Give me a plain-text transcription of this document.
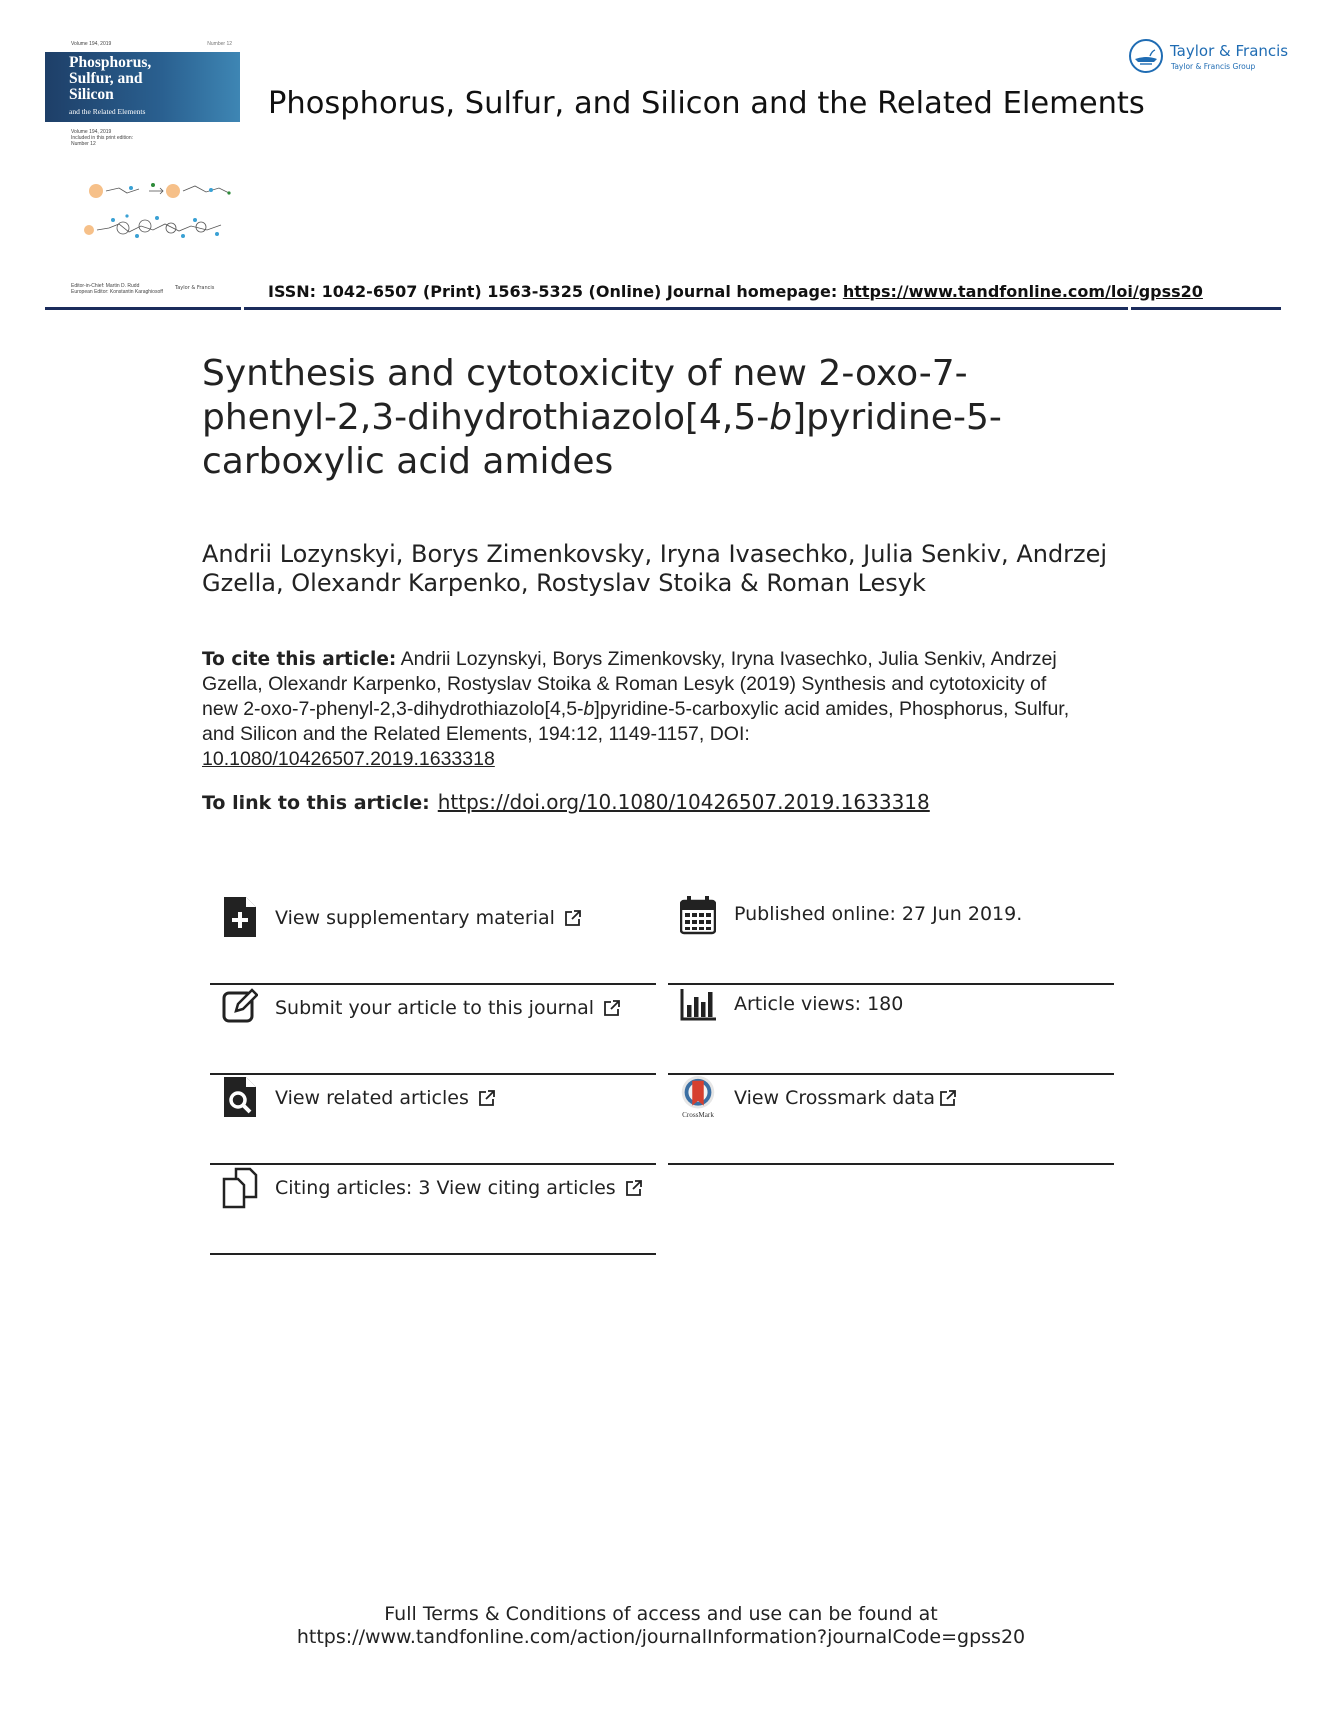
Volume 194, 2019	Number 12
Phosphorus,
Sulfur, and
Silicon
and the Related Elements
Volume 194, 2019
Included in this print edition:
Number 12
Editor-in-Chief: Martin D. Rudd
European Editor: Konstantin Karaghiosoff
Taylor & Francis
Phosphorus, Sulfur, and Silicon and the Related Elements
Taylor & Francis
Taylor & Francis Group
ISSN: 1042-6507 (Print) 1563-5325 (Online) Journal homepage: https://www.tandfonline.com/loi/gpss20
Synthesis and cytotoxicity of new 2-oxo-7-phenyl-2,3-dihydrothiazolo[4,5-b]pyridine-5-carboxylic acid amides
Andrii Lozynskyi, Borys Zimenkovsky, Iryna Ivasechko, Julia Senkiv, Andrzej Gzella, Olexandr Karpenko, Rostyslav Stoika & Roman Lesyk
To cite this article: Andrii Lozynskyi, Borys Zimenkovsky, Iryna Ivasechko, Julia Senkiv, Andrzej Gzella, Olexandr Karpenko, Rostyslav Stoika & Roman Lesyk (2019) Synthesis and cytotoxicity of new 2-oxo-7-phenyl-2,3-dihydrothiazolo[4,5-b]pyridine-5-carboxylic acid amides, Phosphorus, Sulfur, and Silicon and the Related Elements, 194:12, 1149-1157, DOI:
10.1080/10426507.2019.1633318
To link to this article: https://doi.org/10.1080/10426507.2019.1633318
View supplementary material
Submit your article to this journal
View related articles
Citing articles: 3 View citing articles
Published online: 27 Jun 2019.
Article views: 180
CrossMark
View Crossmark data
Full Terms & Conditions of access and use can be found at
https://www.tandfonline.com/action/journalInformation?journalCode=gpss20
